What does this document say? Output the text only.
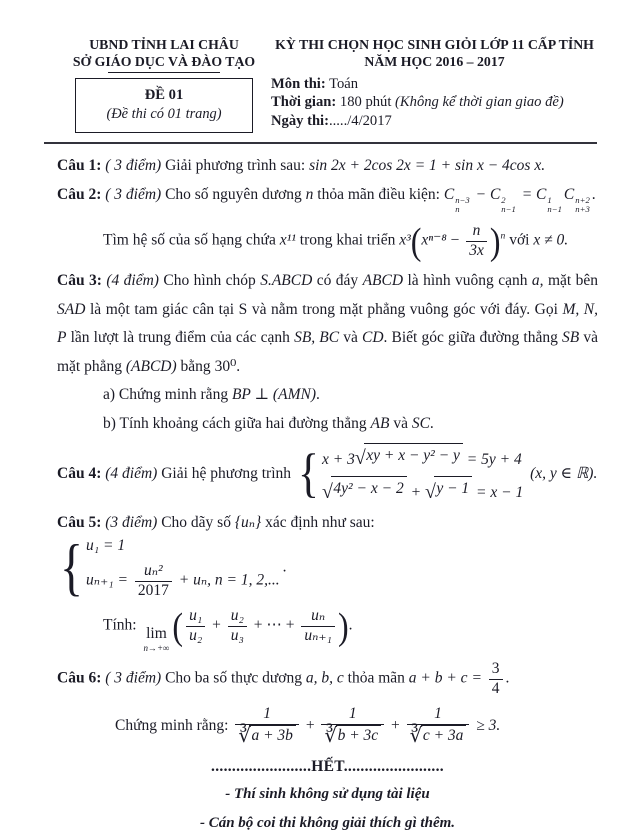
UBND TỈNH LAI CHÂU
SỞ GIÁO DỤC VÀ ĐÀO TẠO
ĐỀ 01
(Đề thi có 01 trang)
KỲ THI CHỌN HỌC SINH GIỎI LỚP 11 CẤP TỈNH
NĂM HỌC 2016 – 2017
Môn thi: Toán
Thời gian: 180 phút (Không kể thời gian giao đề)
Ngày thi:...../4/2017

Câu 1: ( 3 điểm) Giải phương trình sau: sin 2x + 2cos 2x = 1 + sin x − 4cos x.

Câu 2: ( 3 điểm) Cho số nguyên dương n thỏa mãn điều kiện: C n−3
n
− C 2
n−1
= C 1
n−1
C n+2
n+3
.

Tìm hệ số của số hạng chứa x¹¹ trong khai triển $x^3(x^{n-8} - \frac{n}{3x} )^n$ với x ≠ 0.

Câu 3: (4 điểm) Cho hình chóp S.ABCD có đáy ABCD là hình vuông cạnh a, mặt bên SAD là một tam giác cân tại S và nằm trong mặt phẳng vuông góc với đáy. Gọi M, N, P lần lượt là trung điểm của các cạnh SB, BC và CD. Biết góc giữa đường thẳng SB và mặt phẳng (ABCD) bằng 30⁰.

a) Chứng minh rằng BP ⊥ (AMN).

b) Tính khoảng cách giữa hai đường thẳng AB và SC.

Câu 4: (4 điểm) Giải hệ phương trình { x + 3 √ xy + x − y² − y = 5y + 4
√ 4y² − x − 2 + √ y − 1 = x − 1
(x, y ∈ ℝ).

Câu 5: (3 điểm) Cho dãy số {uₙ} xác định như sau:
{ u₁ = 1
$u_{n+1} = \frac{\text{uₙ²}}{2017} + u_n$, n = 1, 2,...
.

Tính:
lim
n→+∞
( $\frac{\text{u₁}}{\text{u₂}} + \frac{\text{u₂}}{\text{u₃}}$ + ⋯ + $\frac{\text{uₙ}}{\text{uₙ₊₁}}$ ).

Câu 6: ( 3 điểm) Cho ba số thực dương a, b, c thỏa mãn $a + b + c = \frac{3}{4}$ .

Chứng minh rằng: $\frac{1}{∛ a + 3b} + \frac{1}{∛ b + 3c} + \frac{1}{∛ c + 3a} \ge 3$.

........................HẾT........................
- Thí sinh không sử dụng tài liệu
- Cán bộ coi thi không giải thích gì thêm.
